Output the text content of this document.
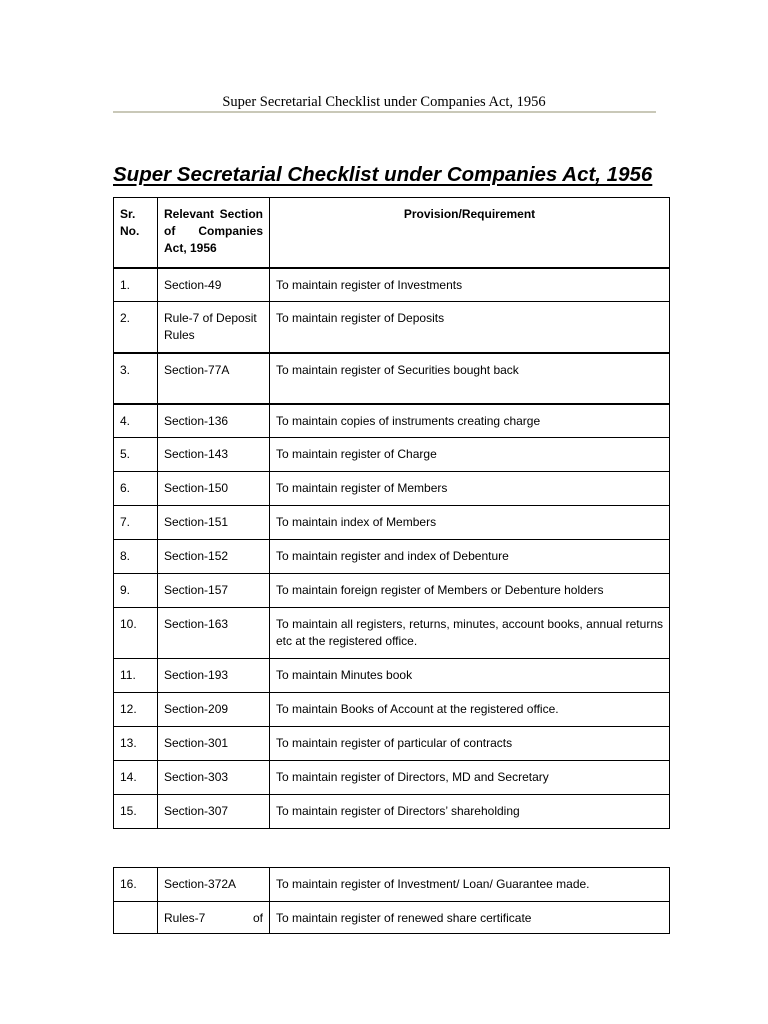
Super Secretarial Checklist under Companies Act, 1956
Super Secretarial Checklist under Companies Act, 1956
Sr. No.	Relevant Section of Companies Act, 1956	Provision/Requirement
1.	Section-49	To maintain register of Investments
2.	Rule-7 of Deposit Rules	To maintain register of Deposits
3.	Section-77A	To maintain register of Securities bought back
4.	Section-136	To maintain copies of instruments creating charge
5.	Section-143	To maintain register of Charge
6.	Section-150	To maintain register of Members
7.	Section-151	To maintain index of Members
8.	Section-152	To maintain register and index of Debenture
9.	Section-157	To maintain foreign register of Members or Debenture holders
10.	Section-163	To maintain all registers, returns, minutes, account books, annual returns etc at the registered office.
11.	Section-193	To maintain Minutes book
12.	Section-209	To maintain Books of Account at the registered office.
13.	Section-301	To maintain register of particular of contracts
14.	Section-303	To maintain register of Directors, MD and Secretary
15.	Section-307	To maintain register of Directors’ shareholding
16.	Section-372A	To maintain register of Investment/ Loan/ Guarantee made.

	Rules-7 of	To maintain register of renewed share certificate
